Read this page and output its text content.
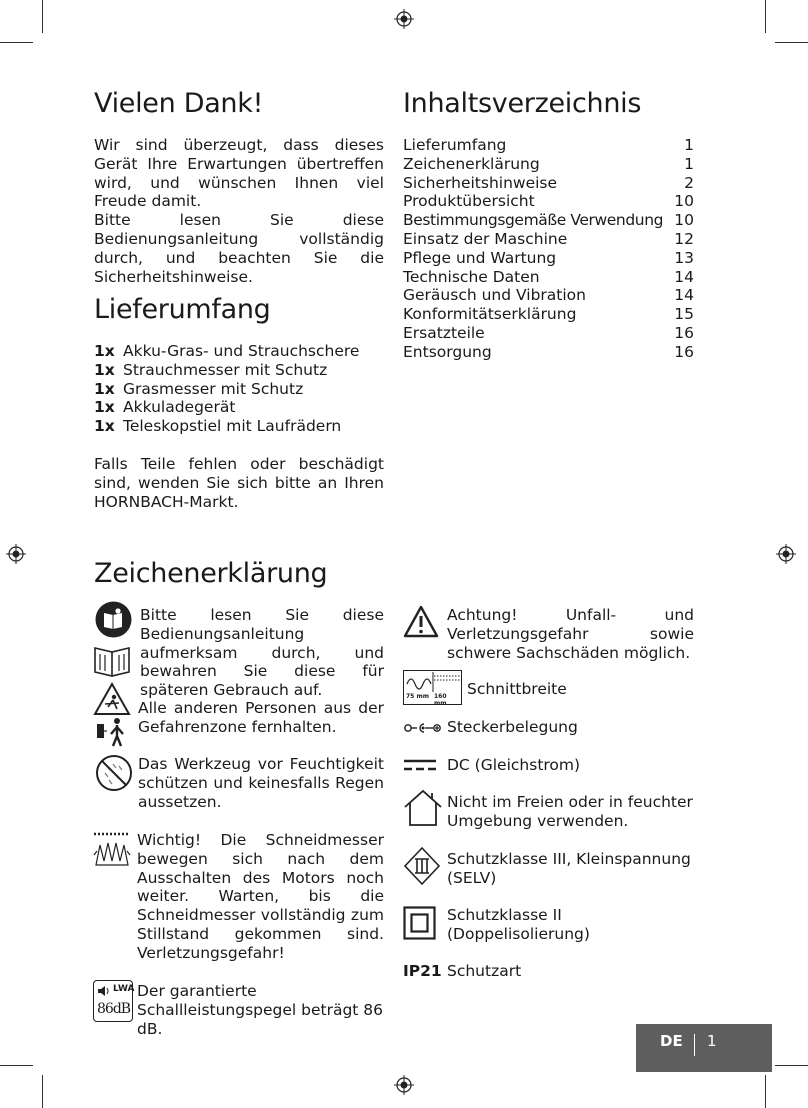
Vielen Dank!

Wir sind überzeugt, dass dieses Gerät Ihre Erwartungen übertreffen wird, und wünschen Ihnen viel Freude damit.

Bitte lesen Sie diese Bedienungsanleitung vollständig durch, und beachten Sie die Sicherheitshinweise.

Inhaltsverzeichnis
Lieferumfang	1
Zeichenerklärung	1
Sicherheitshinweise	2
Produktübersicht	10
Bestimmungsgemäße Verwendung 10
Einsatz der Maschine	12
Pflege und Wartung	13
Technische Daten	14
Geräusch und Vibration	14
Konformitätserklärung	15
Ersatzteile	16
Entsorgung	16
Lieferumfang
1x Akku-Gras- und Strauchschere
1x Strauchmesser mit Schutz
1x Grasmesser mit Schutz
1x Akkuladegerät
1x Teleskopstiel mit Laufrädern
Falls Teile fehlen oder beschädigt sind, wenden Sie sich bitte an Ihren HORNBACH-Markt.
Zeichenerklärung
Bitte lesen Sie diese Bedienungsanleitung aufmerksam durch, und bewahren Sie diese für späteren Gebrauch auf.
Alle anderen Personen aus der Gefahrenzone fernhalten.
Das Werkzeug vor Feuchtigkeit schützen und keinesfalls Regen aussetzen.
Wichtig! Die Schneidmesser bewegen sich nach dem Ausschalten des Motors noch weiter. Warten, bis die Schneidmesser vollständig zum Stillstand gekommen sind. Verletzungsgefahr!
LWA
86dB
Der garantierte Schallleistungspegel beträgt 86 dB.
Achtung! Unfall- und Verletzungsgefahr sowie schwere Sachschäden möglich.
75 mm 160 mm
Schnittbreite
Steckerbelegung
DC (Gleichstrom)
Nicht im Freien oder in feuchter Umgebung verwenden.
Schutzklasse III, Kleinspannung (SELV)
Schutzklasse II (Doppelisolierung)
IP21 Schutzart
DE 1
